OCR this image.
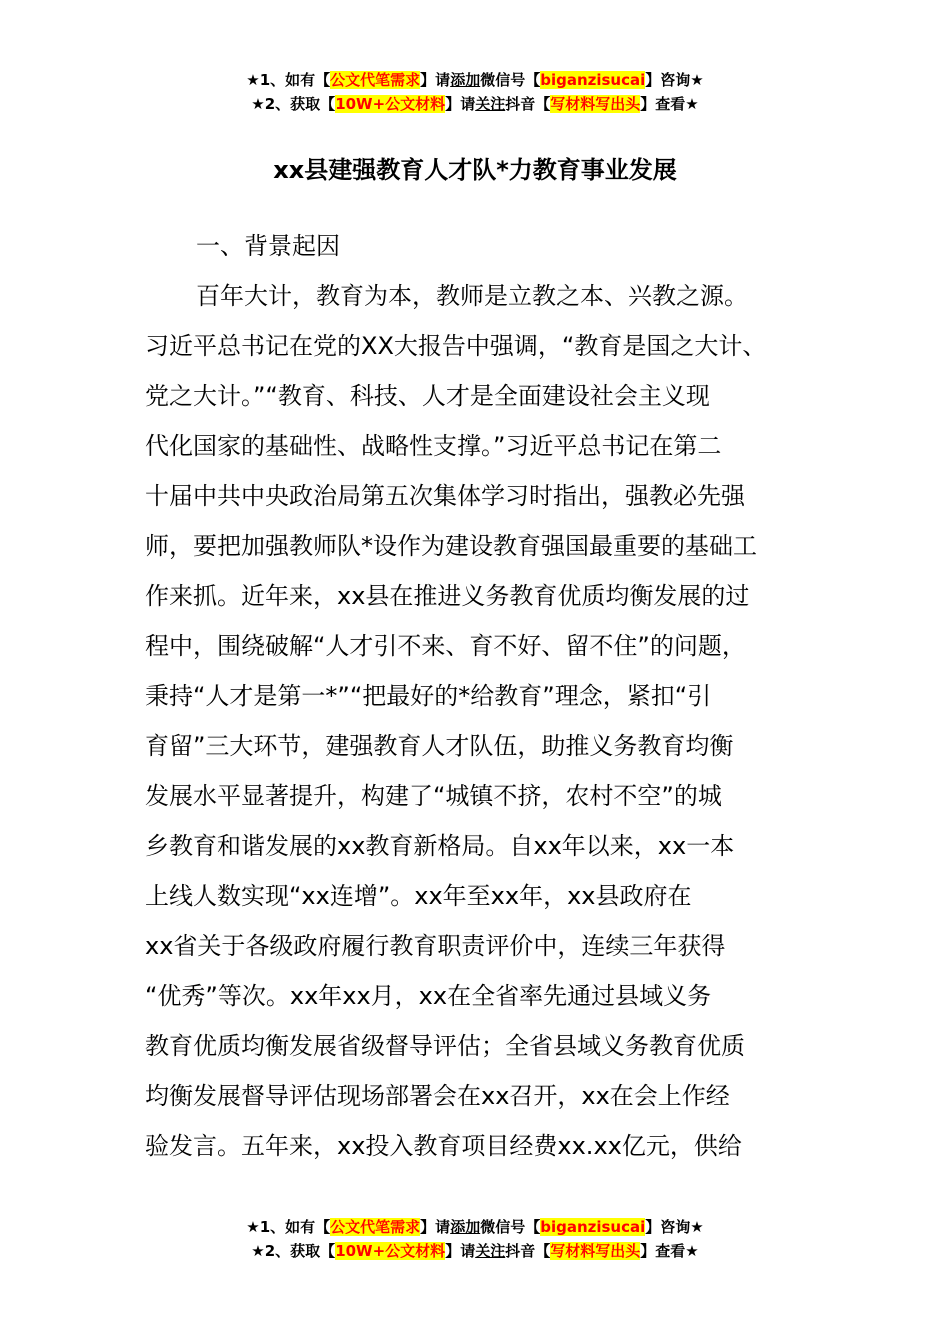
★1、如有【公文代笔需求】请添加微信号【biganzisucai】咨询★
★2、获取【10W+公文材料】请关注抖音【写材料写出头】查看★
xx县建强教育人才队*力教育事业发展
一、背景起因
百年大计，教育为本，教师是立教之本、兴教之源。
习近平总书记在党的XX大报告中强调，“教育是国之大计、
党之大计。”“教育、科技、人才是全面建设社会主义现
代化国家的基础性、战略性支撑。”习近平总书记在第二
十届中共中央政治局第五次集体学习时指出，强教必先强
师，要把加强教师队*设作为建设教育强国最重要的基础工
作来抓。近年来，xx县在推进义务教育优质均衡发展的过
程中，围绕破解“人才引不来、育不好、留不住”的问题，
秉持“人才是第一*”“把最好的*给教育”理念，紧扣“引
育留”三大环节，建强教育人才队伍，助推义务教育均衡
发展水平显著提升，构建了“城镇不挤，农村不空”的城
乡教育和谐发展的xx教育新格局。自xx年以来，xx一本
上线人数实现“xx连增”。xx年至xx年，xx县政府在
xx省关于各级政府履行教育职责评价中，连续三年获得
“优秀”等次。xx年xx月，xx在全省率先通过县域义务
教育优质均衡发展省级督导评估；全省县域义务教育优质
均衡发展督导评估现场部署会在xx召开，xx在会上作经
验发言。五年来，xx投入教育项目经费xx.xx亿元，供给
★1、如有【公文代笔需求】请添加微信号【biganzisucai】咨询★
★2、获取【10W+公文材料】请关注抖音【写材料写出头】查看★
